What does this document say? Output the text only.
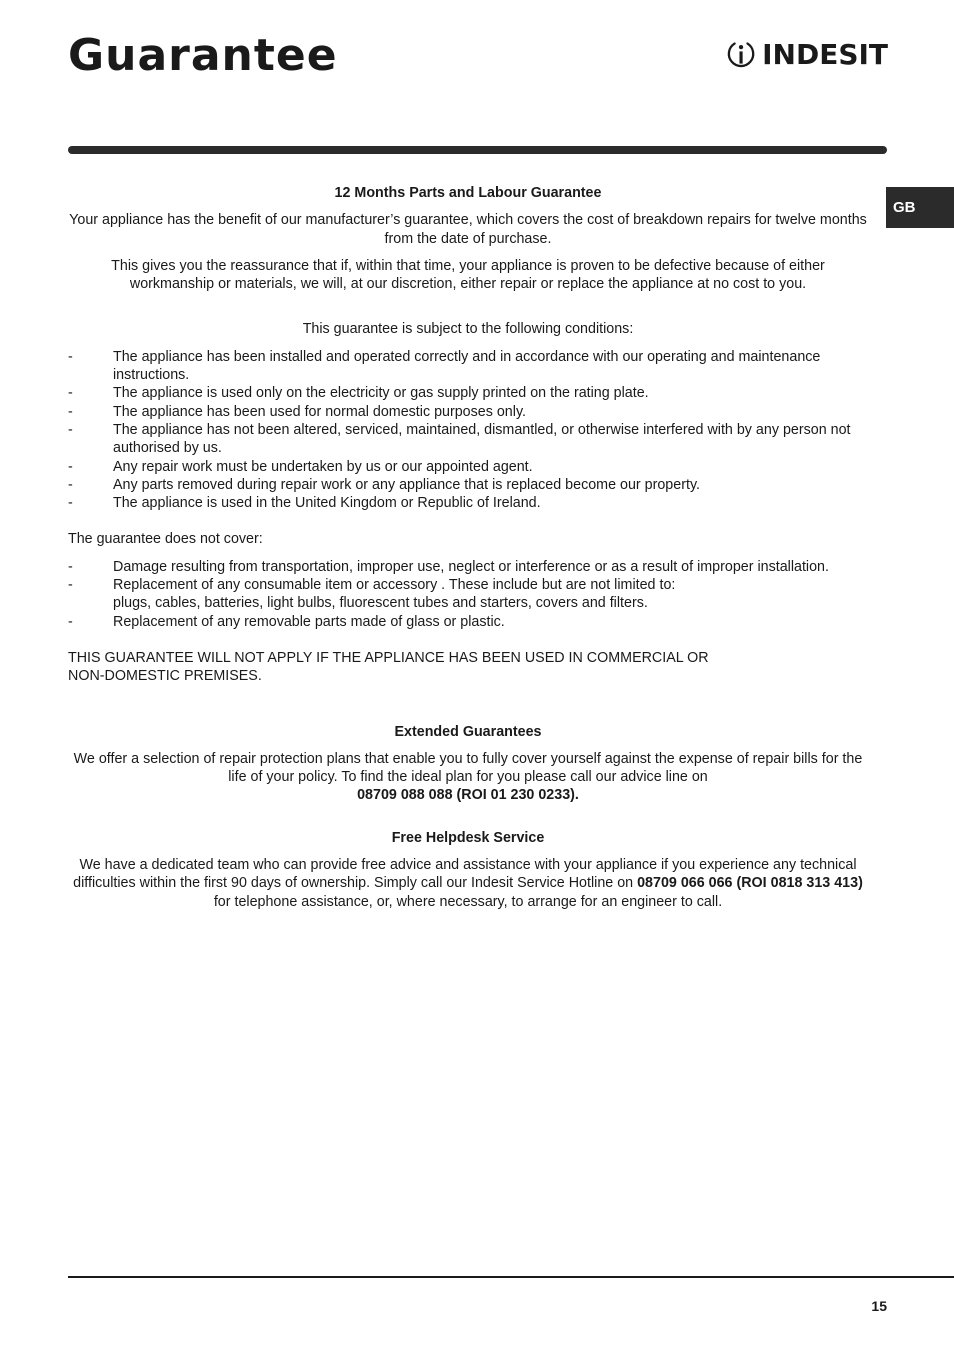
Guarantee	INDESIT
GB

12 Months Parts and Labour Guarantee

Your appliance has the benefit of our manufacturer’s guarantee, which covers the cost of breakdown repairs for twelve months from the date of purchase.

This gives you the reassurance that if, within that time, your appliance is proven to be defective because of either workmanship or materials, we will, at our discretion, either repair or replace the appliance at no cost to you.

This guarantee is subject to the following conditions:

-	The appliance has been installed and operated correctly and in accordance with our operating and maintenance instructions.
-	The appliance is used only on the electricity or gas supply printed on the rating plate.
-	The appliance has been used for normal domestic purposes only.
-	The appliance has not been altered, serviced, maintained, dismantled, or otherwise interfered with by any person not authorised by us.
-	Any repair work must be undertaken by us or our appointed agent.
-	Any parts removed during repair work or any appliance that is replaced become our property.
-	The appliance is used in the United Kingdom or Republic of Ireland.

The guarantee does not cover:

-	Damage resulting from transportation, improper use, neglect or interference or as a result of improper installation.
-	Replacement of any consumable item or accessory . These include but are not limited to:
plugs, cables, batteries, light bulbs, fluorescent tubes and starters, covers and filters.
-	Replacement of any removable parts made of glass or plastic.

THIS GUARANTEE WILL NOT APPLY IF THE APPLIANCE HAS BEEN USED IN COMMERCIAL OR
NON-DOMESTIC PREMISES.

Extended Guarantees

We offer a selection of repair protection plans that enable you to fully cover yourself against the expense of repair bills for the life of your policy. To find the ideal plan for you please call our advice line on
08709 088 088 (ROI 01 230 0233).

Free Helpdesk Service

We have a dedicated team who can provide free advice and assistance with your appliance if you experience any technical difficulties within the first 90 days of ownership. Simply call our Indesit Service Hotline on 08709 066 066 (ROI 0818 313 413) for telephone assistance, or, where necessary, to arrange for an engineer to call.

15
